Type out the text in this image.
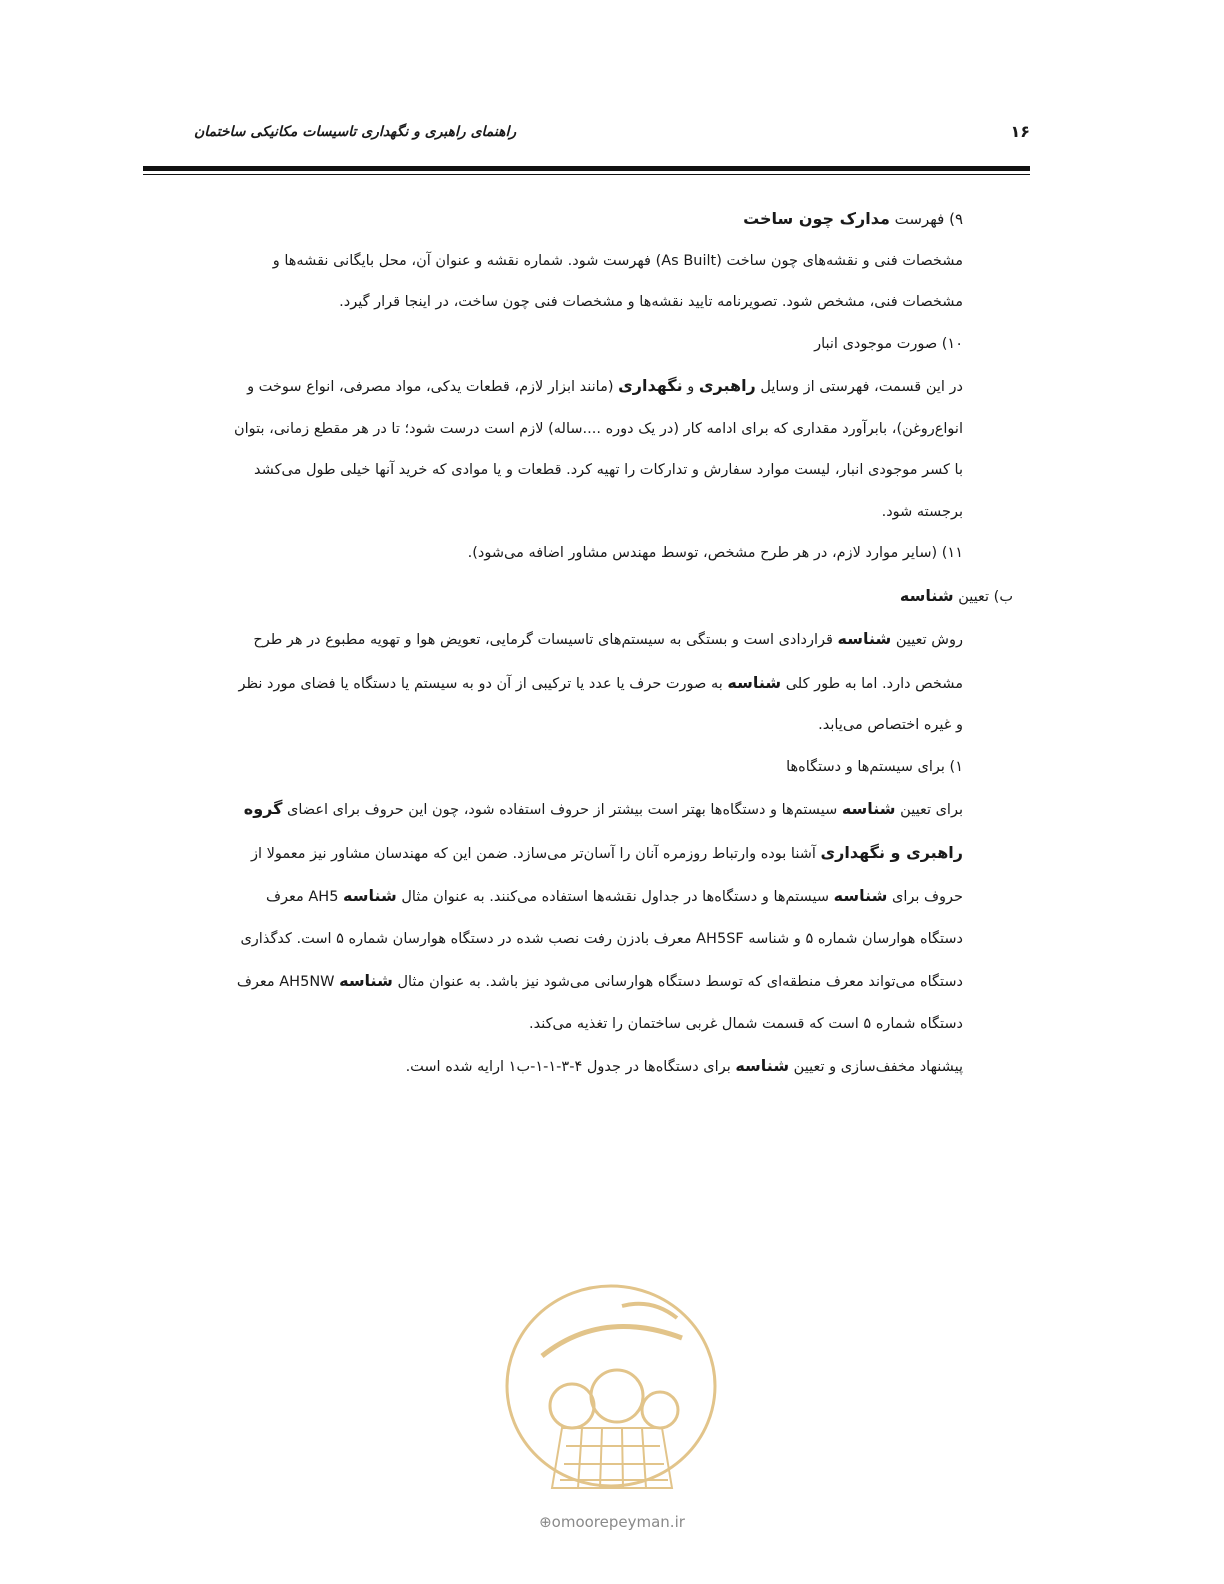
۱۶
راهنمای راهبری و نگهداری تاسیسات مکانیکی ساختمان

۹) فهرست مدارک چون ساخت

مشخصات فنی و نقشه‌های چون ساخت (As Built) فهرست شود. شماره نقشه و عنوان آن، محل بایگانی نقشه‌ها و

مشخصات فنی، مشخص شود. تصویرنامه تایید نقشه‌ها و مشخصات فنی چون ساخت، در اینجا قرار گیرد.

۱۰) صورت موجودی انبار

در این قسمت، فهرستی از وسایل راهبری و نگهداری (مانند ابزار لازم، قطعات یدکی، مواد مصرفی، انواع سوخت و

انواع‌روغن)، بابرآورد مقداری که برای ادامه کار (در یک دوره ....ساله) لازم است درست شود؛ تا در هر مقطع زمانی، بتوان

با کسر موجودی انبار، لیست موارد سفارش و تدارکات را تهیه کرد. قطعات و یا موادی که خرید آنها خیلی طول می‌کشد

برجسته شود.

۱۱) (سایر موارد لازم، در هر طرح مشخص، توسط مهندس مشاور اضافه می‌شود).

ب) تعیین شناسه

روش تعیین شناسه قراردادی است و بستگی به سیستم‌های تاسیسات گرمایی، تعویض هوا و تهویه مطبوع در هر طرح

مشخص دارد. اما به طور کلی شناسه به صورت حرف یا عدد یا ترکیبی از آن دو به سیستم یا دستگاه یا فضای مورد نظر

و غیره اختصاص می‌یابد.

۱) برای سیستم‌ها و دستگاه‌ها

برای تعیین شناسه سیستم‌ها و دستگاه‌ها بهتر است بیشتر از حروف استفاده شود، چون این حروف برای اعضای گروه

راهبری و نگهداری آشنا بوده وارتباط روزمره آنان را آسان‌تر می‌سازد. ضمن این که مهندسان مشاور نیز معمولا از

حروف برای شناسه سیستم‌ها و دستگاه‌ها در جداول نقشه‌ها استفاده می‌کنند. به عنوان مثال شناسه AH5 معرف

دستگاه هوارسان شماره ۵ و شناسه AH5SF معرف بادزن رفت نصب شده در دستگاه هوارسان شماره ۵ است. کدگذاری

دستگاه می‌تواند معرف منطقه‌ای که توسط دستگاه هوارسانی می‌شود نیز باشد. به عنوان مثال شناسه AH5NW معرف

دستگاه شماره ۵ است که قسمت شمال غربی ساختمان را تغذیه می‌کند.

پیشنهاد مخفف‌سازی و تعیین شناسه برای دستگاه‌ها در جدول ۴-۳-۱-۱-ب۱ ارایه شده است.

⊕omoorepeyman.ir
